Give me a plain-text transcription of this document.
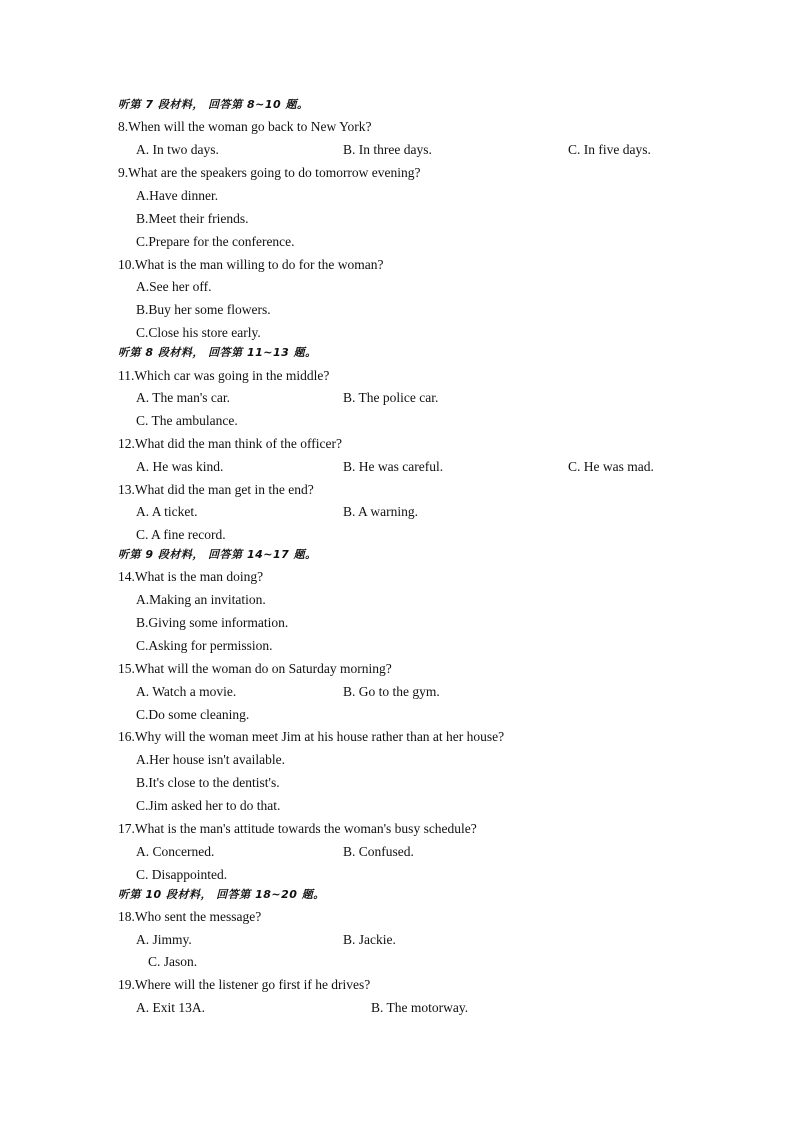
听第 7 段材料， 回答第 8~10 题。
8.When will the woman go back to New York?
A. In two days.	B. In three days.	C. In five days.
9.What are the speakers going to do tomorrow evening?
A.Have dinner.
B.Meet their friends.
C.Prepare for the conference.
10.What is the man willing to do for the woman?
A.See her off.
B.Buy her some flowers.
C.Close his store early.
听第 8 段材料， 回答第 11~13 题。
11.Which car was going in the middle?
A. The man's car.	B. The police car.
C. The ambulance.
12.What did the man think of the officer?
A. He was kind.	B. He was careful.	C. He was mad.
13.What did the man get in the end?
A. A ticket.	B. A warning.
C. A fine record.
听第 9 段材料， 回答第 14~17 题。
14.What is the man doing?
A.Making an invitation.
B.Giving some information.
C.Asking for permission.
15.What will the woman do on Saturday morning?
A. Watch a movie.	B. Go to the gym.
C.Do some cleaning.
16.Why will the woman meet Jim at his house rather than at her house?
A.Her house isn't available.
B.It's close to the dentist's.
C.Jim asked her to do that.
17.What is the man's attitude towards the woman's busy schedule?
A. Concerned.	B. Confused.
C. Disappointed.
听第 10 段材料， 回答第 18~20 题。
18.Who sent the message?
A. Jimmy.	B. Jackie.
C. Jason.
19.Where will the listener go first if he drives?
A. Exit 13A.	B. The motorway.
